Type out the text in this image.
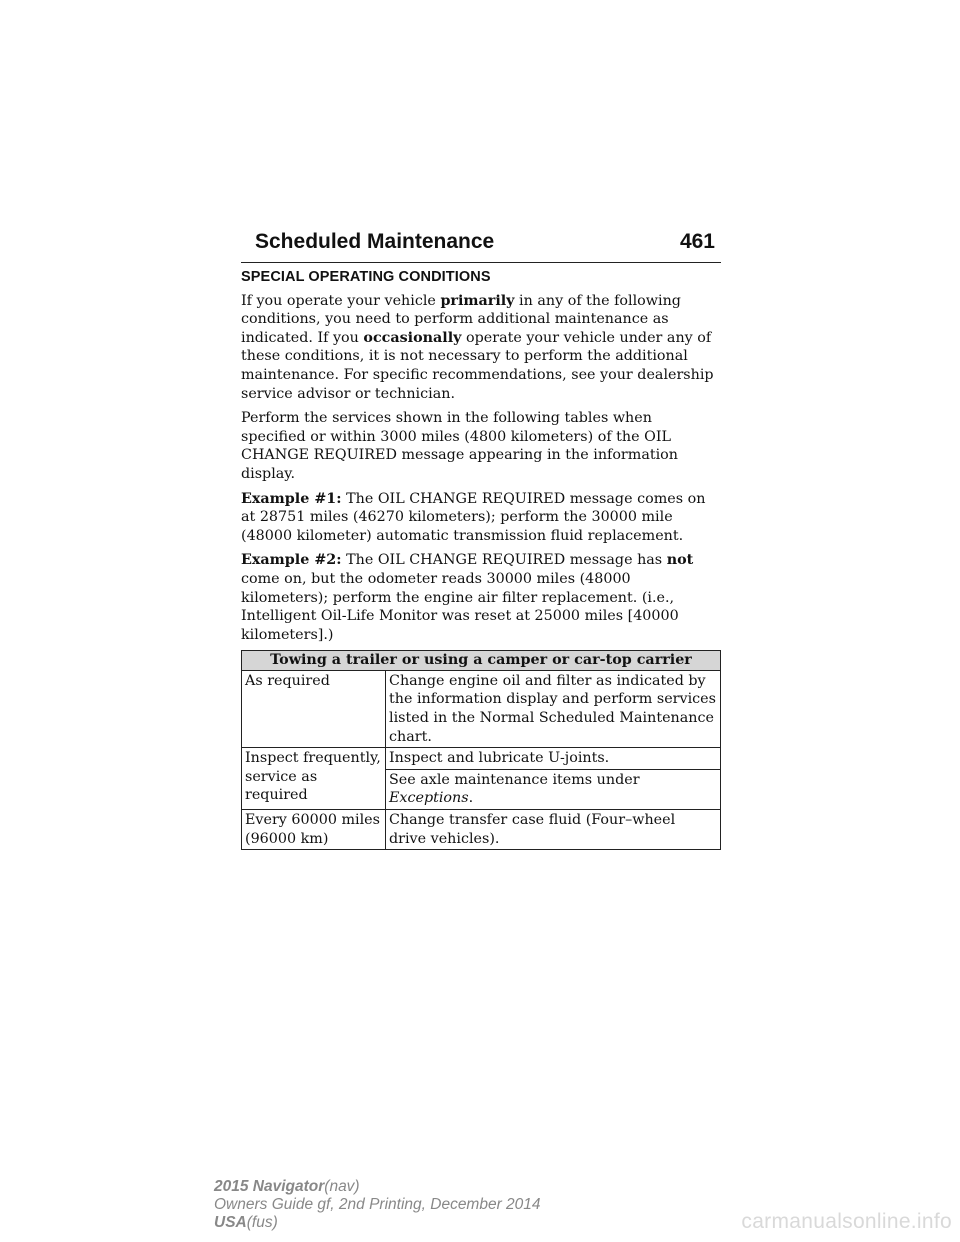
Scheduled Maintenance	461
SPECIAL OPERATING CONDITIONS

If you operate your vehicle primarily in any of the following conditions, you need to perform additional maintenance as indicated. If you occasionally operate your vehicle under any of these conditions, it is not necessary to perform the additional maintenance. For specific recommendations, see your dealership service advisor or technician.

Perform the services shown in the following tables when specified or within 3000 miles (4800 kilometers) of the OIL CHANGE REQUIRED message appearing in the information display.

Example #1: The OIL CHANGE REQUIRED message comes on at 28751 miles (46270 kilometers); perform the 30000 mile (48000 kilometer) automatic transmission fluid replacement.

Example #2: The OIL CHANGE REQUIRED message has not come on, but the odometer reads 30000 miles (48000 kilometers); perform the engine air filter replacement. (i.e., Intelligent Oil-Life Monitor was reset at 25000 miles [40000 kilometers].)

Towing a trailer or using a camper or car-top carrier	
As required	Change engine oil and filter as indicated by the information display and perform services listed in the Normal Scheduled Maintenance chart.
Inspect frequently, service as required	Inspect and lubricate U-joints.
	See axle maintenance items under Exceptions.
Every 60000 miles (96000 km)	Change transfer case fluid (Four–wheel drive vehicles).
2015 Navigator(nav)
Owners Guide gf, 2nd Printing, December 2014
USA(fus)	carmanualsonline.info
